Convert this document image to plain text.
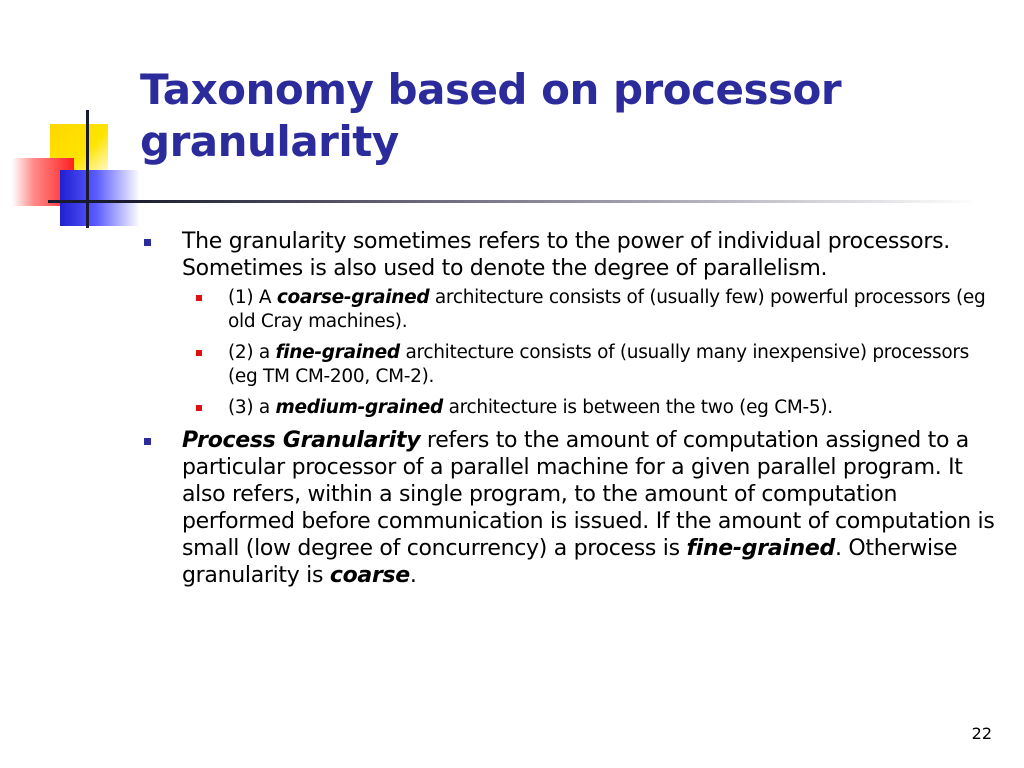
Taxonomy based on processor granularity
The granularity sometimes refers to the power of individual processors. Sometimes is also used to denote the degree of parallelism.
(1) A coarse-grained architecture consists of (usually few) powerful processors (eg old Cray machines).
(2) a fine-grained architecture consists of (usually many inexpensive) processors (eg TM CM-200, CM-2).
(3) a medium-grained architecture is between the two (eg CM-5).
Process Granularity refers to the amount of computation assigned to a particular processor of a parallel machine for a given parallel program. It also refers, within a single program, to the amount of computation performed before communication is issued. If the amount of computation is small (low degree of concurrency) a process is fine-grained. Otherwise granularity is coarse.
22
